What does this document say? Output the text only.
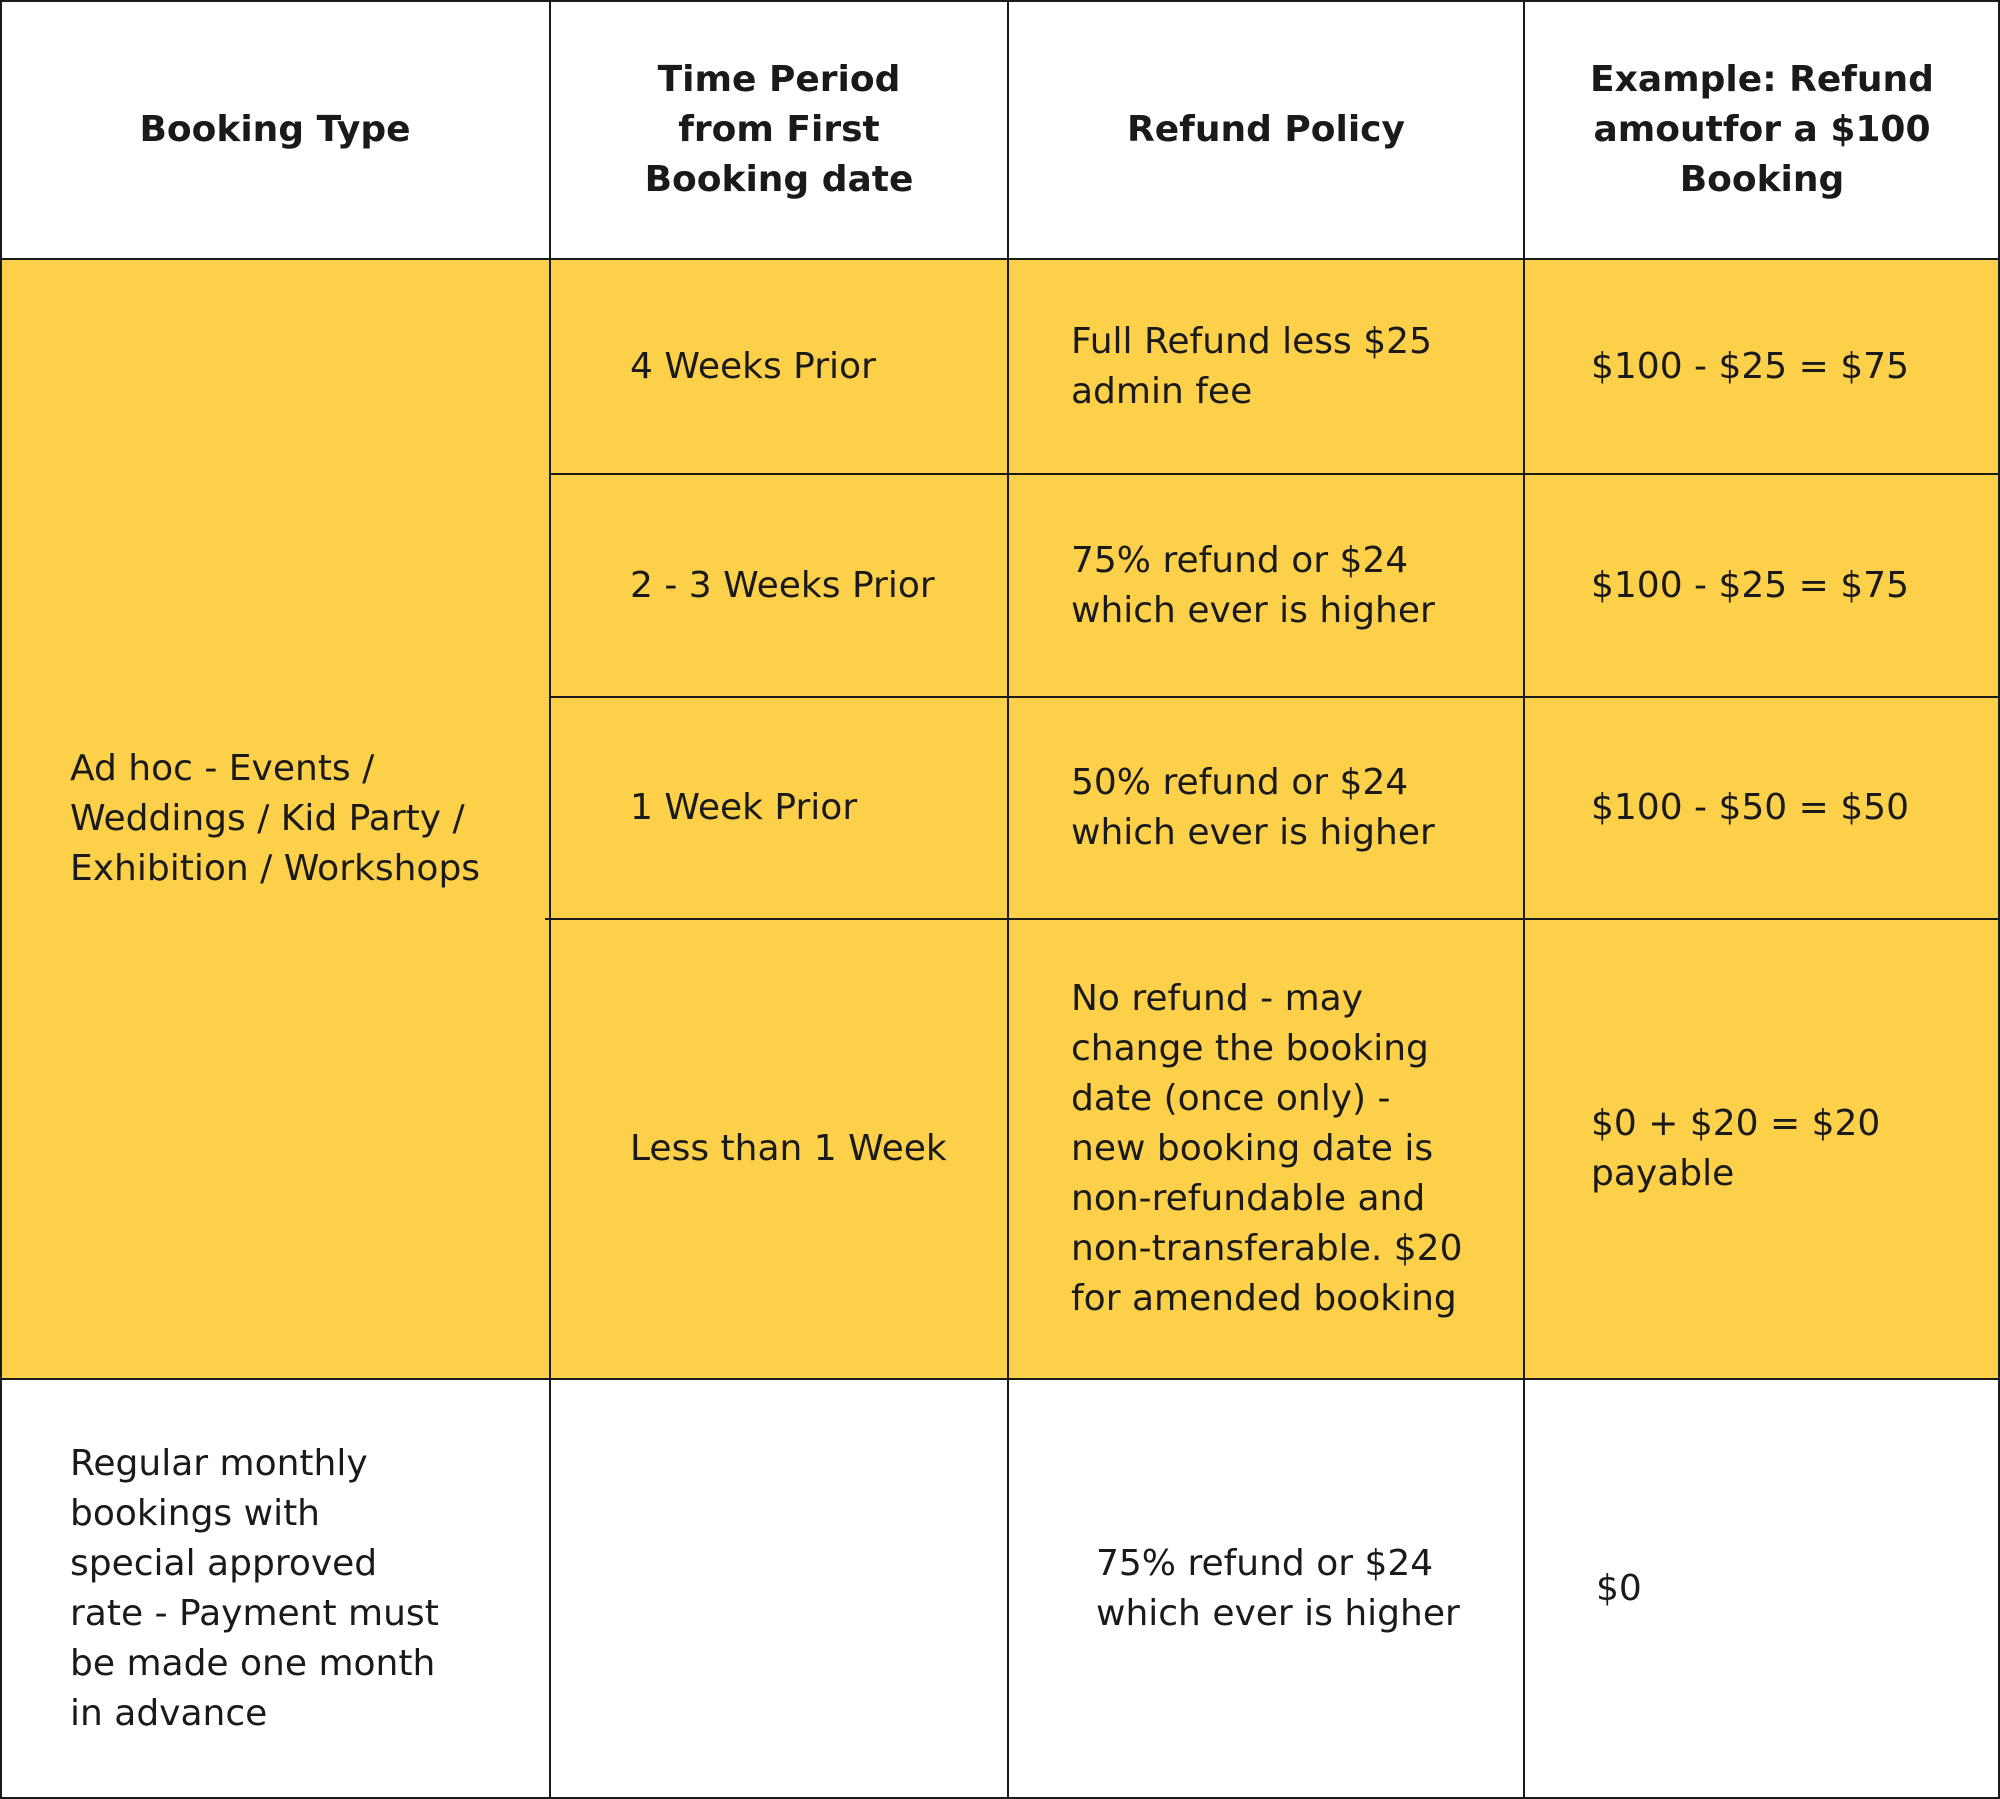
Booking Type
Time Period
from First
Booking date
Refund Policy
Example: Refund
amoutfor a $100
Booking
Ad hoc - Events /
Weddings / Kid Party /
Exhibition / Workshops
4 Weeks Prior
Full Refund less $25
admin fee
$100 - $25 = $75
2 - 3 Weeks Prior
75% refund or $24
which ever is higher
$100 - $25 = $75
1 Week Prior
50% refund or $24
which ever is higher
$100 - $50 = $50
Less than 1 Week
No refund - may
change the booking
date (once only) -
new booking date is
non-refundable and
non-transferable. $20
for amended booking
$0 + $20 = $20
payable
Regular monthly
bookings with
special approved
rate - Payment must
be made one month
in advance
75% refund or $24
which ever is higher
$0
